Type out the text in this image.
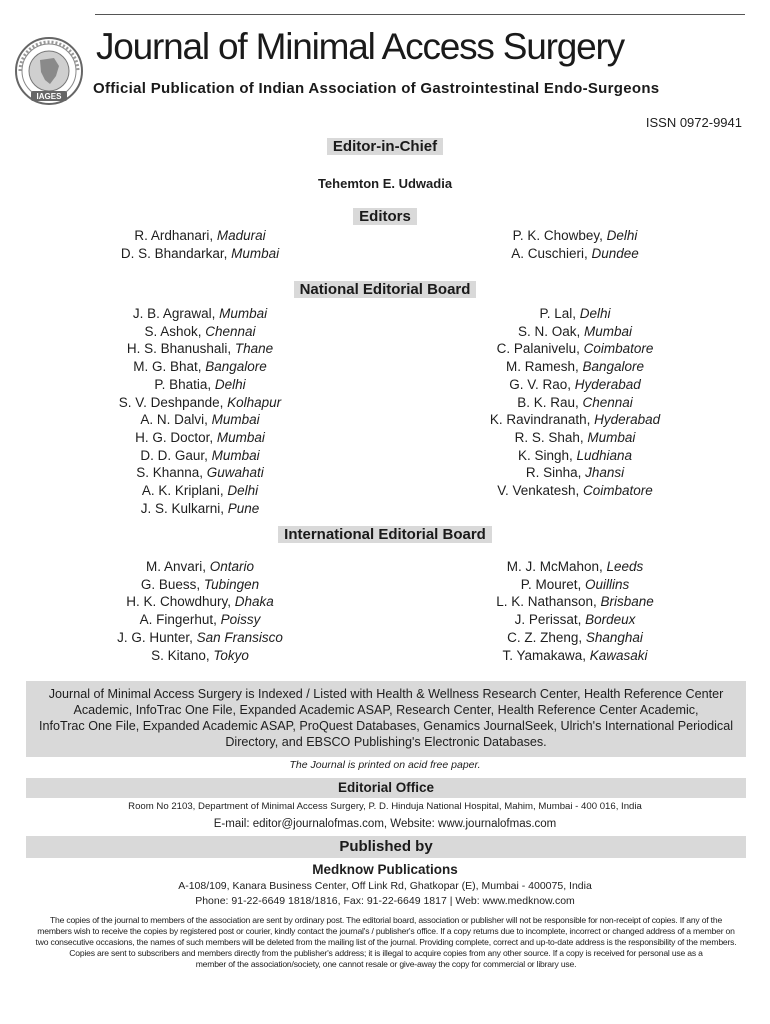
IAGES
Journal of Minimal Access Surgery
Official Publication of Indian Association of Gastrointestinal Endo-Surgeons
ISSN 0972-9941
Editor-in-Chief
Tehemton E. Udwadia
Editors
R. Ardhanari, Madurai
D. S. Bhandarkar, Mumbai
P. K. Chowbey, Delhi
A. Cuschieri, Dundee
National Editorial Board
J. B. Agrawal, Mumbai
S. Ashok, Chennai
H. S. Bhanushali, Thane
M. G. Bhat, Bangalore
P. Bhatia, Delhi
S. V. Deshpande, Kolhapur
A. N. Dalvi, Mumbai
H. G. Doctor, Mumbai
D. D. Gaur, Mumbai
S. Khanna, Guwahati
A. K. Kriplani, Delhi
J. S. Kulkarni, Pune
P. Lal, Delhi
S. N. Oak, Mumbai
C. Palanivelu, Coimbatore
M. Ramesh, Bangalore
G. V. Rao, Hyderabad
B. K. Rau, Chennai
K. Ravindranath, Hyderabad
R. S. Shah, Mumbai
K. Singh, Ludhiana
R. Sinha, Jhansi
V. Venkatesh, Coimbatore
International Editorial Board
M. Anvari, Ontario
G. Buess, Tubingen
H. K. Chowdhury, Dhaka
A. Fingerhut, Poissy
J. G. Hunter, San Fransisco
S. Kitano, Tokyo
M. J. McMahon, Leeds
P. Mouret, Ouillins
L. K. Nathanson, Brisbane
J. Perissat, Bordeux
C. Z. Zheng, Shanghai
T. Yamakawa, Kawasaki
Journal of Minimal Access Surgery is Indexed / Listed with Health & Wellness Research Center, Health Reference Center
Academic, InfoTrac One File, Expanded Academic ASAP, Research Center, Health Reference Center Academic,
InfoTrac One File, Expanded Academic ASAP, ProQuest Databases, Genamics JournalSeek, Ulrich's International Periodical
Directory, and EBSCO Publishing's Electronic Databases.
The Journal is printed on acid free paper.
Editorial Office
Room No 2103, Department of Minimal Access Surgery, P. D. Hinduja National Hospital, Mahim, Mumbai - 400 016, India
E-mail: editor@journalofmas.com, Website: www.journalofmas.com
Published by
Medknow Publications
A-108/109, Kanara Business Center, Off Link Rd, Ghatkopar (E), Mumbai - 400075, India
Phone: 91-22-6649 1818/1816, Fax: 91-22-6649 1817 | Web: www.medknow.com
The copies of the journal to members of the association are sent by ordinary post. The editorial board, association or publisher will not be responsible for non-receipt of copies. If any of the
members wish to receive the copies by registered post or courier, kindly contact the journal's / publisher's office. If a copy returns due to incomplete, incorrect or changed address of a member on
two consecutive occasions, the names of such members will be deleted from the mailing list of the journal. Providing complete, correct and up-to-date address is the responsibility of the members.
Copies are sent to subscribers and members directly from the publisher's address; it is illegal to acquire copies from any other source. If a copy is received for personal use as a
member of the association/society, one cannot resale or give-away the copy for commercial or library use.
